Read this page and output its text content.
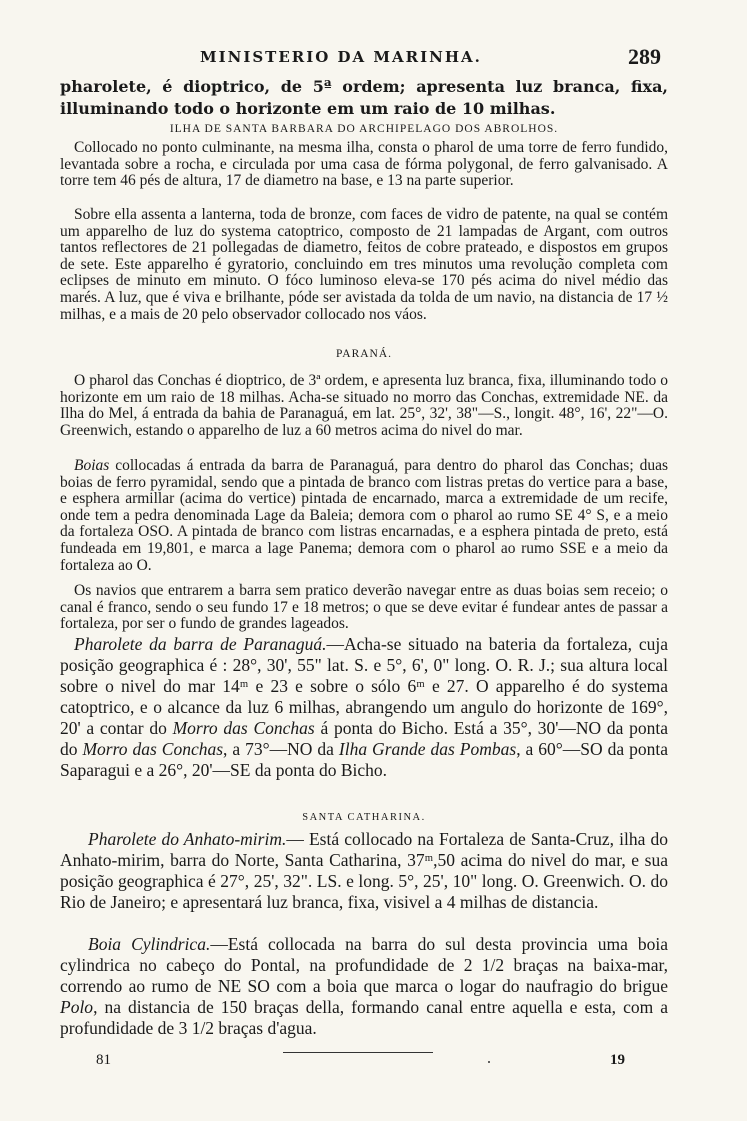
MINISTERIO DA MARINHA.	289

pharolete, é dioptrico, de 5ª ordem; apresenta luz branca, fixa, illuminando todo o horizonte em um raio de 10 milhas.

ILHA DE SANTA BARBARA DO ARCHIPELAGO DOS ABROLHOS.

Collocado no ponto culminante, na mesma ilha, consta o pharol de uma torre de ferro fundido, levantada sobre a rocha, e circulada por uma casa de fórma polygonal, de ferro galvanisado. A torre tem 46 pés de altura, 17 de diametro na base, e 13 na parte superior.

Sobre ella assenta a lanterna, toda de bronze, com faces de vidro de patente, na qual se contém um apparelho de luz do systema catoptrico, composto de 21 lampadas de Argant, com outros tantos reflectores de 21 pollegadas de diametro, feitos de cobre prateado, e dispostos em grupos de sete. Este apparelho é gyratorio, concluindo em tres minutos uma revolução completa com eclipses de minuto em minuto. O fóco luminoso eleva-se 170 pés acima do nivel médio das marés. A luz, que é viva e brilhante, póde ser avistada da tolda de um navio, na distancia de 17 ½ milhas, e a mais de 20 pelo observador collocado nos váos.

PARANÁ.

O pharol das Conchas é dioptrico, de 3ª ordem, e apresenta luz branca, fixa, illuminando todo o horizonte em um raio de 18 milhas. Acha-se situado no morro das Conchas, extremidade NE. da Ilha do Mel, á entrada da bahia de Paranaguá, em lat. 25°, 32', 38"—S., longit. 48°, 16', 22"—O. Greenwich, estando o apparelho de luz a 60 metros acima do nivel do mar.

Boias collocadas á entrada da barra de Paranaguá, para dentro do pharol das Conchas; duas boias de ferro pyramidal, sendo que a pintada de branco com listras pretas do vertice para a base, e esphera armillar (acima do vertice) pintada de encarnado, marca a extremidade de um recife, onde tem a pedra denominada Lage da Baleia; demora com o pharol ao rumo SE 4° S, e a meio da fortaleza OSO. A pintada de branco com listras encarnadas, e a esphera pintada de preto, está fundeada em 19,801, e marca a lage Panema; demora com o pharol ao rumo SSE e a meio da fortaleza ao O.

Os navios que entrarem a barra sem pratico deverão navegar entre as duas boias sem receio; o canal é franco, sendo o seu fundo 17 e 18 metros; o que se deve evitar é fundear antes de passar a fortaleza, por ser o fundo de grandes lageados.

Pharolete da barra de Paranaguá.—Acha-se situado na bateria da fortaleza, cuja posição geographica é : 28°, 30', 55" lat. S. e 5°, 6', 0" long. O. R. J.; sua altura local sobre o nivel do mar 14ᵐ e 23 e sobre o sólo 6ᵐ e 27. O apparelho é do systema catoptrico, e o alcance da luz 6 milhas, abrangendo um angulo do horizonte de 169°, 20' a contar do Morro das Conchas á ponta do Bicho. Está a 35°, 30'—NO da ponta do Morro das Conchas, a 73°—NO da Ilha Grande das Pombas, a 60°—SO da ponta Saparagui e a 26°, 20'—SE da ponta do Bicho.

SANTA CATHARINA.

Pharolete do Anhato-mirim.— Está collocado na Fortaleza de Santa-Cruz, ilha do Anhato-mirim, barra do Norte, Santa Catharina, 37ᵐ,50 acima do nivel do mar, e sua posição geographica é 27°, 25', 32". LS. e long. 5°, 25', 10" long. O. Greenwich. O. do Rio de Janeiro; e apresentará luz branca, fixa, visivel a 4 milhas de distancia.

Boia Cylindrica.—Está collocada na barra do sul desta provincia uma boia cylindrica no cabeço do Pontal, na profundidade de 2 1/2 braças na baixa-mar, correndo ao rumo de NE SO com a boia que marca o logar do naufragio do brigue Polo, na distancia de 150 braças della, formando canal entre aquella e esta, com a profundidade de 3 1/2 braças d'agua.

81	19
